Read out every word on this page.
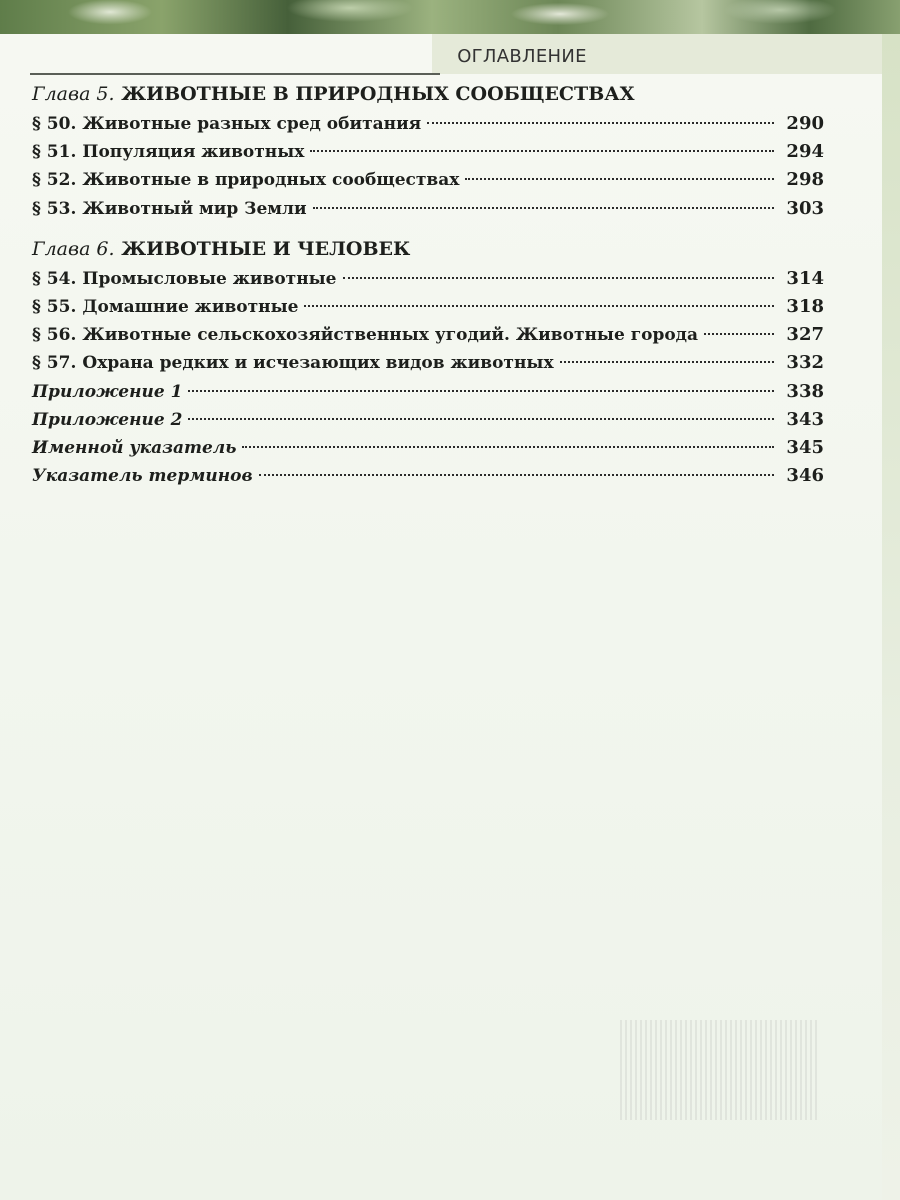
ОГЛАВЛЕНИЕ
Глава 5. ЖИВОТНЫЕ В ПРИРОДНЫХ СООБЩЕСТВАХ
§ 50. Животные разных сред обитания	290
§ 51. Популяция животных	294
§ 52. Животные в природных сообществах	298
§ 53. Животный мир Земли	303
Глава 6. ЖИВОТНЫЕ И ЧЕЛОВЕК
§ 54. Промысловые животные	314
§ 55. Домашние животные	318
§ 56. Животные сельскохозяйственных угодий. Животные города	327
§ 57. Охрана редких и исчезающих видов животных	332
Приложение 1	338
Приложение 2	343
Именной указатель	345
Указатель терминов	346
